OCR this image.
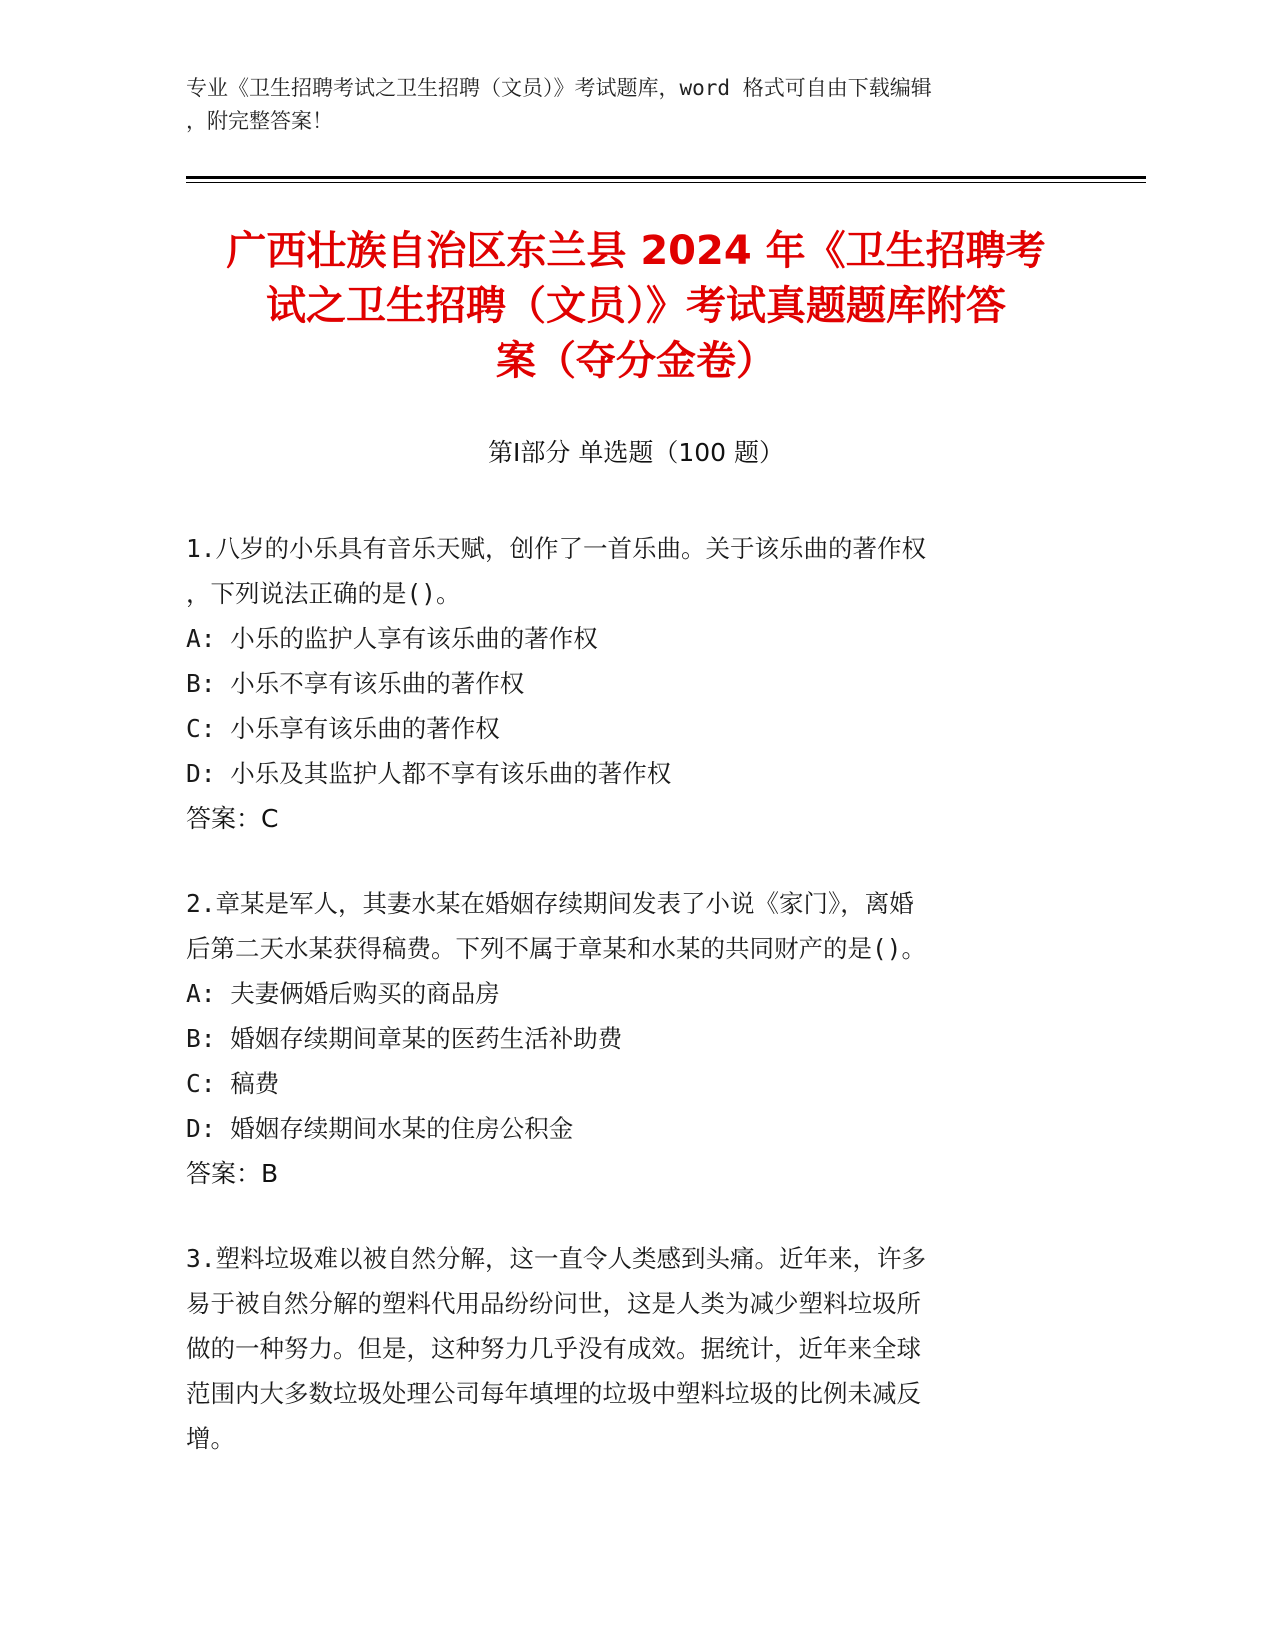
专业《卫生招聘考试之卫生招聘（文员）》考试题库，word 格式可自由下载编辑
，附完整答案！
广西壮族自治区东兰县 2024 年《卫生招聘考
试之卫生招聘（文员）》考试真题题库附答
案（夺分金卷）
第Ⅰ部分 单选题（100 题）
1.八岁的小乐具有音乐天赋，创作了一首乐曲。关于该乐曲的著作权
，下列说法正确的是()。
A: 小乐的监护人享有该乐曲的著作权
B: 小乐不享有该乐曲的著作权
C: 小乐享有该乐曲的著作权
D: 小乐及其监护人都不享有该乐曲的著作权
答案：C
2.章某是军人，其妻水某在婚姻存续期间发表了小说《家门》，离婚
后第二天水某获得稿费。下列不属于章某和水某的共同财产的是()。
A: 夫妻俩婚后购买的商品房
B: 婚姻存续期间章某的医药生活补助费
C: 稿费
D: 婚姻存续期间水某的住房公积金
答案：B
3.塑料垃圾难以被自然分解，这一直令人类感到头痛。近年来，许多
易于被自然分解的塑料代用品纷纷问世，这是人类为减少塑料垃圾所
做的一种努力。但是，这种努力几乎没有成效。据统计，近年来全球
范围内大多数垃圾处理公司每年填埋的垃圾中塑料垃圾的比例未减反
增。
